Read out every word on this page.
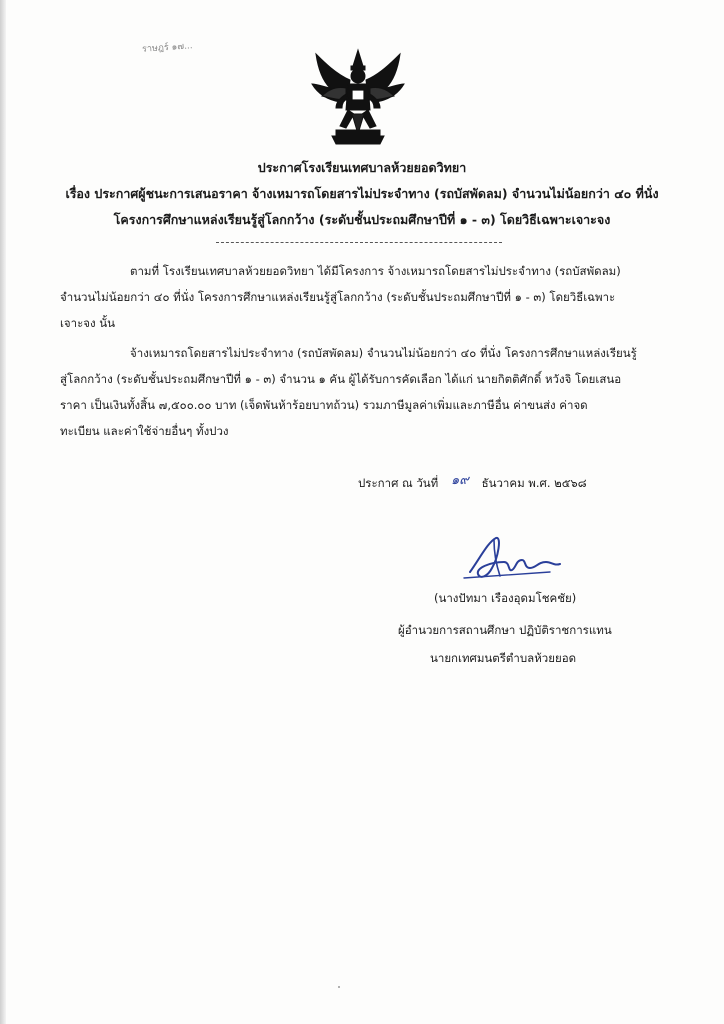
ราษฎร์ ๑๗...
ประกาศโรงเรียนเทศบาลห้วยยอดวิทยา
เรื่อง ประกาศผู้ชนะการเสนอราคา จ้างเหมารถโดยสารไม่ประจำทาง (รถบัสพัดลม) จำนวนไม่น้อยกว่า ๔๐ ที่นั่ง
โครงการศึกษาแหล่งเรียนรู้สู่โลกกว้าง (ระดับชั้นประถมศึกษาปีที่ ๑ - ๓) โดยวิธีเฉพาะเจาะจง
ตามที่ โรงเรียนเทศบาลห้วยยอดวิทยา ได้มีโครงการ จ้างเหมารถโดยสารไม่ประจำทาง (รถบัสพัดลม)
จำนวนไม่น้อยกว่า ๔๐ ที่นั่ง โครงการศึกษาแหล่งเรียนรู้สู่โลกกว้าง (ระดับชั้นประถมศึกษาปีที่ ๑ - ๓) โดยวิธีเฉพาะ
เจาะจง นั้น
จ้างเหมารถโดยสารไม่ประจำทาง (รถบัสพัดลม) จำนวนไม่น้อยกว่า ๔๐ ที่นั่ง โครงการศึกษาแหล่งเรียนรู้
สู่โลกกว้าง (ระดับชั้นประถมศึกษาปีที่ ๑ - ๓) จำนวน ๑ คัน ผู้ได้รับการคัดเลือก ได้แก่ นายกิตติศักดิ์ หวังจิ โดยเสนอ
ราคา เป็นเงินทั้งสิ้น ๗,๕๐๐.๐๐ บาท (เจ็ดพันห้าร้อยบาทถ้วน) รวมภาษีมูลค่าเพิ่มและภาษีอื่น ค่าขนส่ง ค่าจด
ทะเบียน และค่าใช้จ่ายอื่นๆ ทั้งปวง
ประกาศ ณ วันที่ ๑๙ ธันวาคม พ.ศ. ๒๕๖๘
(นางปัทมา เรืองอุดมโชคชัย)
ผู้อำนวยการสถานศึกษา ปฏิบัติราชการแทน
นายกเทศมนตรีตำบลห้วยยอด
